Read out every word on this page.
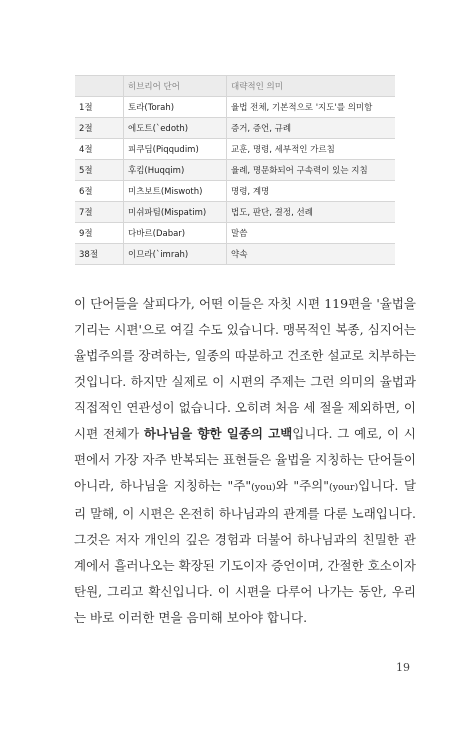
	히브리어 단어	대략적인 의미
1절	토라(Torah)	율법 전체, 기본적으로 '지도'를 의미함
2절	에도트(`edoth)	증거, 증언, 규례
4절	피쿠딤(Piqqudim)	교훈, 명령, 세부적인 가르침
5절	후킴(Huqqim)	율례, 명문화되어 구속력이 있는 지침
6절	미츠보트(Miswoth)	명령, 계명
7절	미쉬파팀(Mispatim)	법도, 판단, 결정, 선례
9절	다바르(Dabar)	말씀
38절	이므라(`imrah)	약속
이 단어들을 살피다가, 어떤 이들은 자칫 시편 119편을 '율법을 기리는 시편'으로 여길 수도 있습니다. 맹목적인 복종, 심지어는 율법주의를 장려하는, 일종의 따분하고 건조한 설교로 치부하는 것입니다. 하지만 실제로 이 시편의 주제는 그런 의미의 율법과 직접적인 연관성이 없습니다. 오히려 처음 세 절을 제외하면, 이 시편 전체가 하나님을 향한 일종의 고백입니다. 그 예로, 이 시편에서 가장 자주 반복되는 표현들은 율법을 지칭하는 단어들이 아니라, 하나님을 지칭하는 "주"(you)와 "주의"(your)입니다. 달리 말해, 이 시편은 온전히 하나님과의 관계를 다룬 노래입니다. 그것은 저자 개인의 깊은 경험과 더불어 하나님과의 친밀한 관계에서 흘러나오는 확장된 기도이자 증언이며, 간절한 호소이자 탄원, 그리고 확신입니다. 이 시편을 다루어 나가는 동안, 우리는 바로 이러한 면을 음미해 보아야 합니다.
19
